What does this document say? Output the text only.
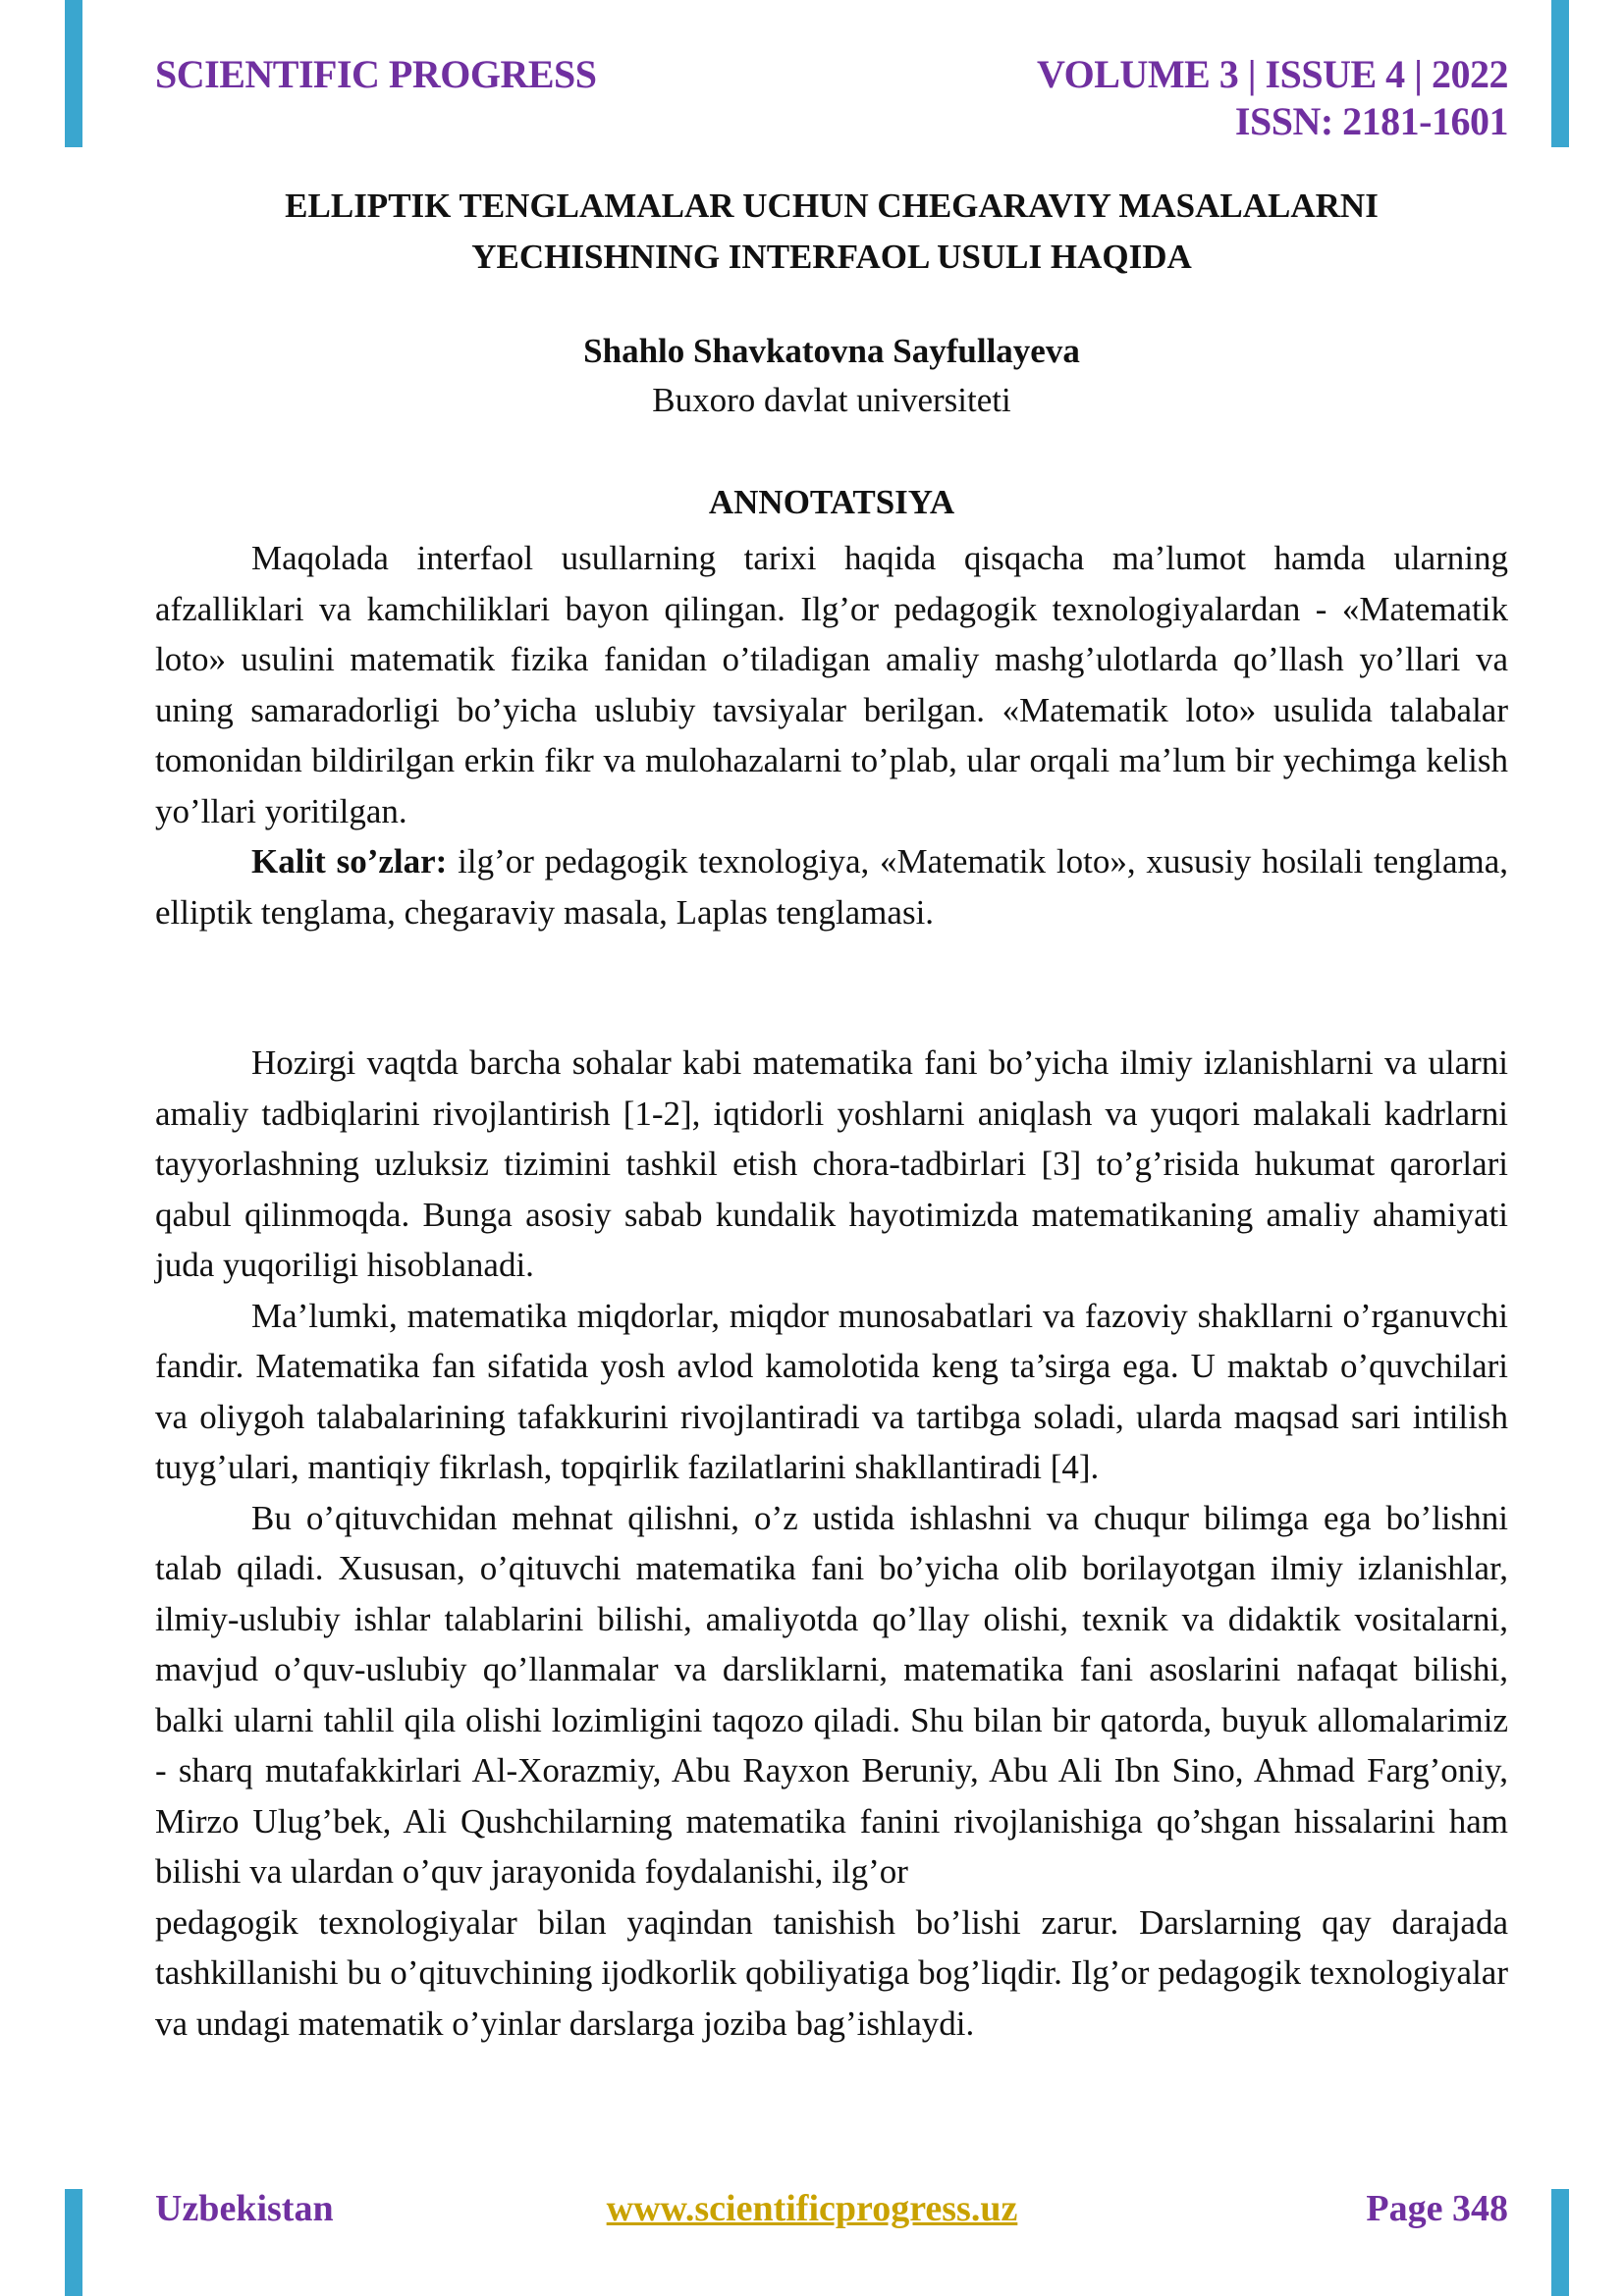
SCIENTIFIC PROGRESS	VOLUME 3 | ISSUE 4 | 2022
ISSN: 2181-1601
ELLIPTIK TENGLAMALAR UCHUN CHEGARAVIY MASALALARNI
YECHISHNING INTERFAOL USULI HAQIDA
Shahlo Shavkatovna Sayfullayeva
Buxoro davlat universiteti
ANNOTATSIYA

Maqolada interfaol usullarning tarixi haqida qisqacha ma’lumot hamda ularning afzalliklari va kamchiliklari bayon qilingan. Ilg’or pedagogik texnologiyalardan - «Matematik loto» usulini matematik fizika fanidan o’tiladigan amaliy mashg’ulotlarda qo’llash yo’llari va uning samaradorligi bo’yicha uslubiy tavsiyalar berilgan. «Matematik loto» usulida talabalar tomonidan bildirilgan erkin fikr va mulohazalarni to’plab, ular orqali ma’lum bir yechimga kelish yo’llari yoritilgan.

Kalit so’zlar: ilg’or pedagogik texnologiya, «Matematik loto», xususiy hosilali tenglama, elliptik tenglama, chegaraviy masala, Laplas tenglamasi.

Hozirgi vaqtda barcha sohalar kabi matematika fani bo’yicha ilmiy izlanishlarni va ularni amaliy tadbiqlarini rivojlantirish [1-2], iqtidorli yoshlarni aniqlash va yuqori malakali kadrlarni tayyorlashning uzluksiz tizimini tashkil etish chora-tadbirlari [3] to’g’risida hukumat qarorlari qabul qilinmoqda. Bunga asosiy sabab kundalik hayotimizda matematikaning amaliy ahamiyati juda yuqoriligi hisoblanadi.

Ma’lumki, matematika miqdorlar, miqdor munosabatlari va fazoviy shakllarni o’rganuvchi fandir. Matematika fan sifatida yosh avlod kamolotida keng ta’sirga ega. U maktab o’quvchilari va oliygoh talabalarining tafakkurini rivojlantiradi va tartibga soladi, ularda maqsad sari intilish tuyg’ulari, mantiqiy fikrlash, topqirlik fazilatlarini shakllantiradi [4].

Bu o’qituvchidan mehnat qilishni, o’z ustida ishlashni va chuqur bilimga ega bo’lishni talab qiladi. Xususan, o’qituvchi matematika fani bo’yicha olib borilayotgan ilmiy izlanishlar, ilmiy-uslubiy ishlar talablarini bilishi, amaliyotda qo’llay olishi, texnik va didaktik vositalarni, mavjud o’quv-uslubiy qo’llanmalar va darsliklarni, matematika fani asoslarini nafaqat bilishi, balki ularni tahlil qila olishi lozimligini taqozo qiladi. Shu bilan bir qatorda, buyuk allomalarimiz - sharq mutafakkirlari Al-Xorazmiy, Abu Rayxon Beruniy, Abu Ali Ibn Sino, Ahmad Farg’oniy, Mirzo Ulug’bek, Ali Qushchilarning matematika fanini rivojlanishiga qo’shgan hissalarini ham bilishi va ulardan o’quv jarayonida foydalanishi, ilg’or

pedagogik texnologiyalar bilan yaqindan tanishish bo’lishi zarur. Darslarning qay darajada tashkillanishi bu o’qituvchining ijodkorlik qobiliyatiga bog’liqdir. Ilg’or pedagogik texnologiyalar va undagi matematik o’yinlar darslarga joziba bag’ishlaydi.

Uzbekistan	www.scientificprogress.uz	Page 348
